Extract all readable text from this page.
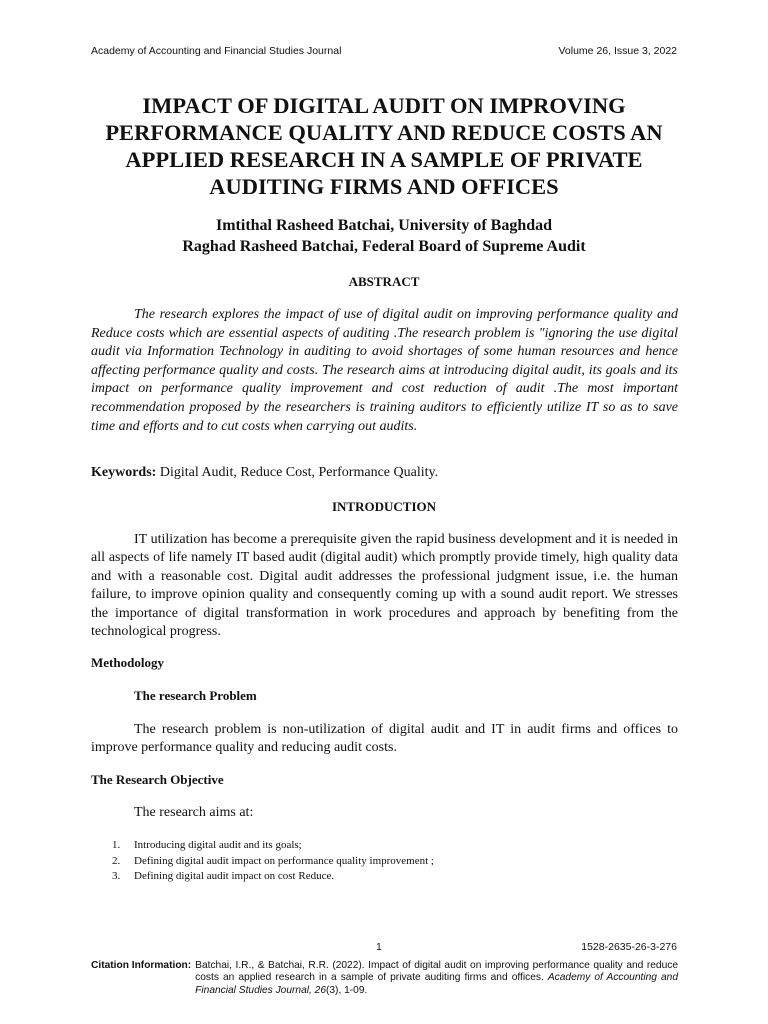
Academy of Accounting and Financial Studies Journal	Volume 26, Issue 3, 2022
IMPACT OF DIGITAL AUDIT ON IMPROVING
PERFORMANCE QUALITY AND REDUCE COSTS AN
APPLIED RESEARCH IN A SAMPLE OF PRIVATE
AUDITING FIRMS AND OFFICES
Imtithal Rasheed Batchai, University of Baghdad
Raghad Rasheed Batchai, Federal Board of Supreme Audit
ABSTRACT

The research explores the impact of use of digital audit on improving performance quality and Reduce costs which are essential aspects of auditing .The research problem is "ignoring the use digital audit via Information Technology in auditing to avoid shortages of some human resources and hence affecting performance quality and costs. The research aims at introducing digital audit, its goals and its impact on performance quality improvement and cost reduction of audit .The most important recommendation proposed by the researchers is training auditors to efficiently utilize IT so as to save time and efforts and to cut costs when carrying out audits.

Keywords: Digital Audit, Reduce Cost, Performance Quality.
INTRODUCTION

IT utilization has become a prerequisite given the rapid business development and it is needed in all aspects of life namely IT based audit (digital audit) which promptly provide timely, high quality data and with a reasonable cost. Digital audit addresses the professional judgment issue, i.e. the human failure, to improve opinion quality and consequently coming up with a sound audit report. We stresses the importance of digital transformation in work procedures and approach by benefiting from the technological progress.

Methodology
The research Problem

The research problem is non-utilization of digital audit and IT in audit firms and offices to improve performance quality and reducing audit costs.

The Research Objective
The research aims at:
1.	Introducing digital audit and its goals;
2.	Defining digital audit impact on performance quality improvement ;
3.	Defining digital audit impact on cost Reduce.
1	1528-2635-26-3-276
Citation Information: Batchai, I.R., & Batchai, R.R. (2022). Impact of digital audit on improving performance quality and reduce costs an applied research in a sample of private auditing firms and offices. Academy of Accounting and Financial Studies Journal, 26(3), 1-09.
